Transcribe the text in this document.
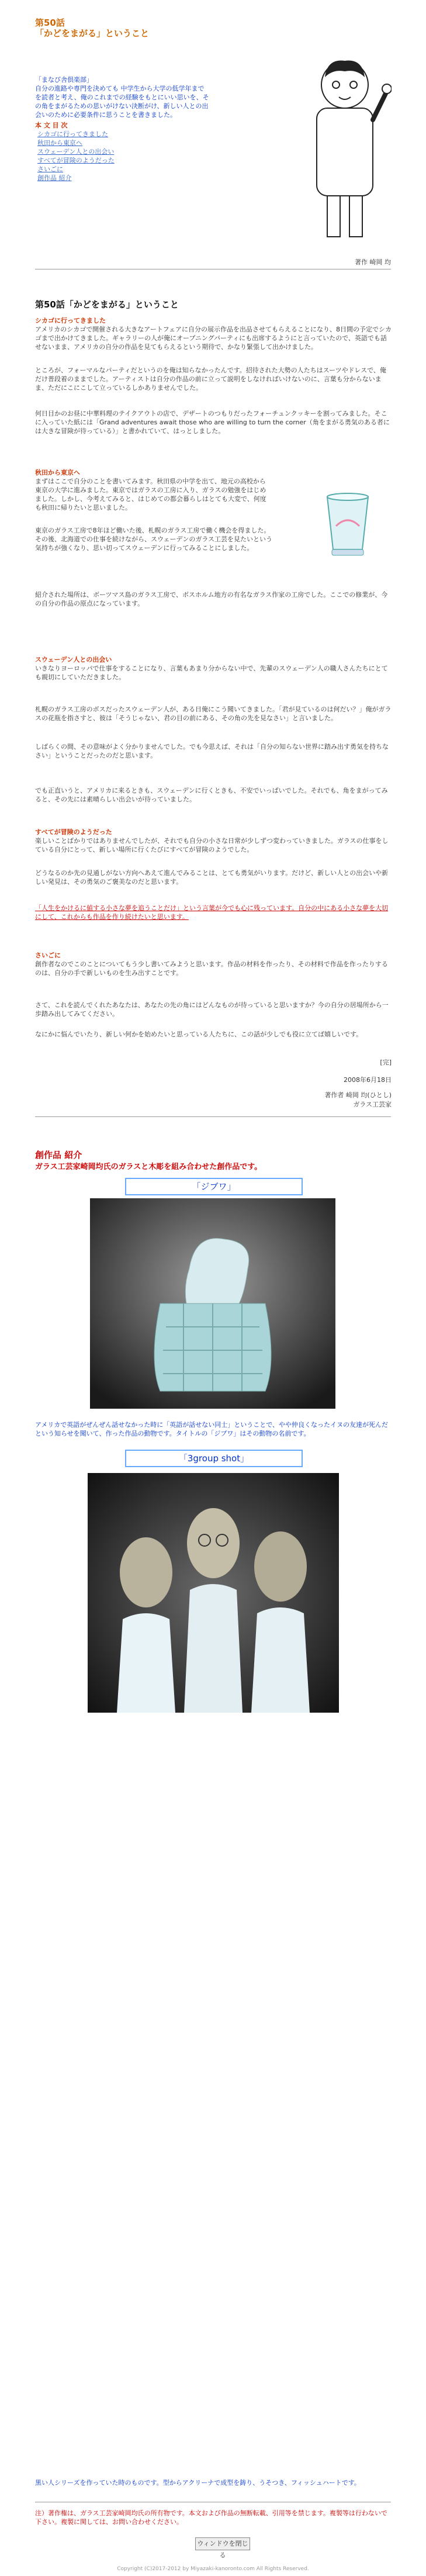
第50話
「かどをまがる」ということ
「まなび舎倶楽部」
自分の進路や専門を決めても 中学生から大学の低学年までを読者と考え、俺のこれまでの経験をもとにいい思いを、その角をまがるための思いがけない決断がけ、新しい人との出会いのために必要条件に思うことを書きました。
本 文 目 次
シカゴに行ってきました
秋田から東京へ
スウェーデン人との出会い
すべてが冒険のようだった
さいごに
創作品 紹介
著作 崎岡 均
第50話「かどをまがる」ということ
シカゴに行ってきました
アメリカのシカゴで開催される大きなアートフェアに自分の展示作品を出品させてもらえることになり、8日間の予定でシカゴまで出かけてきました。ギャラリーの人が俺にオープニングパーティにも出席するようにと言っていたので、英語でも話せないまま、アメリカの自分の作品を見てもらえるという期待で、かなり緊張して出かけました。
ところが、フォーマルなパーティだというのを俺は知らなかったんです。招待された大勢の人たちはスーツやドレスで、俺だけ普段着のままでした。アーティストは自分の作品の前に立って説明をしなければいけないのに、言葉も分からないまま、ただにこにこして立っているしかありませんでした。
何日目かのお昼に中華料理のテイクアウトの店で、デザートのつもりだったフォーチュンクッキーを割ってみました。そこに入っていた紙には「Grand adventures await those who are willing to turn the corner（角をまがる勇気のある者には大きな冒険が待っている）」と書かれていて、はっとしました。
秋田から東京へ
まずはここで自分のことを書いてみます。秋田県の中学を出て、地元の高校から東京の大学に進みました。東京ではガラスの工房に入り、ガラスの勉強をはじめました。しかし、今考えてみると、はじめての都会暮らしはとても大変で、何度も秋田に帰りたいと思いました。
東京のガラス工房で8年ほど働いた後、札幌のガラス工房で働く機会を得ました。その後、北海道での仕事を続けながら、スウェーデンのガラス工芸を見たいという気持ちが強くなり、思い切ってスウェーデンに行ってみることにしました。
紹介された場所は、ボーツマス島のガラス工房で、ボスホルム地方の有名なガラス作家の工房でした。ここでの修業が、今の自分の作品の原点になっています。
スウェーデン人との出会い
いきなりヨーロッパで仕事をすることになり、言葉もあまり分からない中で、先輩のスウェーデン人の職人さんたちにとても親切にしていただきました。
札幌のガラス工房のボスだったスウェーデン人が、ある日俺にこう聞いてきました。「君が見ているのは何だい？」俺がガラスの花瓶を指さすと、彼は「そうじゃない、君の目の前にある、その角の先を見なさい」と言いました。
しばらくの間、その意味がよく分かりませんでした。でも今思えば、それは「自分の知らない世界に踏み出す勇気を持ちなさい」ということだったのだと思います。
でも正直いうと、アメリカに来るときも、スウェーデンに行くときも、不安でいっぱいでした。それでも、角をまがってみると、その先には素晴らしい出会いが待っていました。
すべてが冒険のようだった
楽しいことばかりではありませんでしたが、それでも自分の小さな日常が少しずつ変わっていきました。ガラスの仕事をしている自分にとって、新しい場所に行くたびにすべてが冒険のようでした。
どうなるのか先の見通しがない方向へあえて進んでみることは、とても勇気がいります。だけど、新しい人との出会いや新しい発見は、その勇気のご褒美なのだと思います。
「人生をかけるに値する小さな夢を追うことだけ」という言葉が今でも心に残っています。自分の中にある小さな夢を大切にして、これからも作品を作り続けたいと思います。
さいごに
創作者なのでこのことについてもう少し書いてみようと思います。作品の材料を作ったり、その材料で作品を作ったりするのは、自分の手で新しいものを生み出すことです。
さて、これを読んでくれたあなたは、あなたの先の角にはどんなものが待っていると思いますか？今の自分の居場所から一歩踏み出してみてください。
なにかに悩んでいたり、新しい何かを始めたいと思っている人たちに、この話が少しでも役に立てば嬉しいです。
[完]
2008年6月18日
著作者 崎岡 均(ひとし)
ガラス工芸家
創作品 紹介
ガラス工芸家崎岡均氏のガラスと木彫を組み合わせた創作品です。
「ジブワ」
アメリカで英語がぜんぜん話せなかった時に「英語が話せない同士」ということで、やや仲良くなったイヌの友達が死んだという知らせを聞いて、作った作品の動物です。タイトルの「ジブワ」はその動物の名前です。
「3group shot」
黒い人シリーズを作っていた時のものです。型からアクリーナで成型を鋳り、うそつき、フィッシュハートです。
注）著作権は、ガラス工芸家崎岡均氏の所有物です。本文および作品の無断転載、引用等を禁じます。複製等は行わないで下さい。複製に関しては、お問い合わせください。
ウィンドウを閉じる
Copyright (C)2017-2012 by Miyazaki-kanoronto.com All Rights Reserved.
